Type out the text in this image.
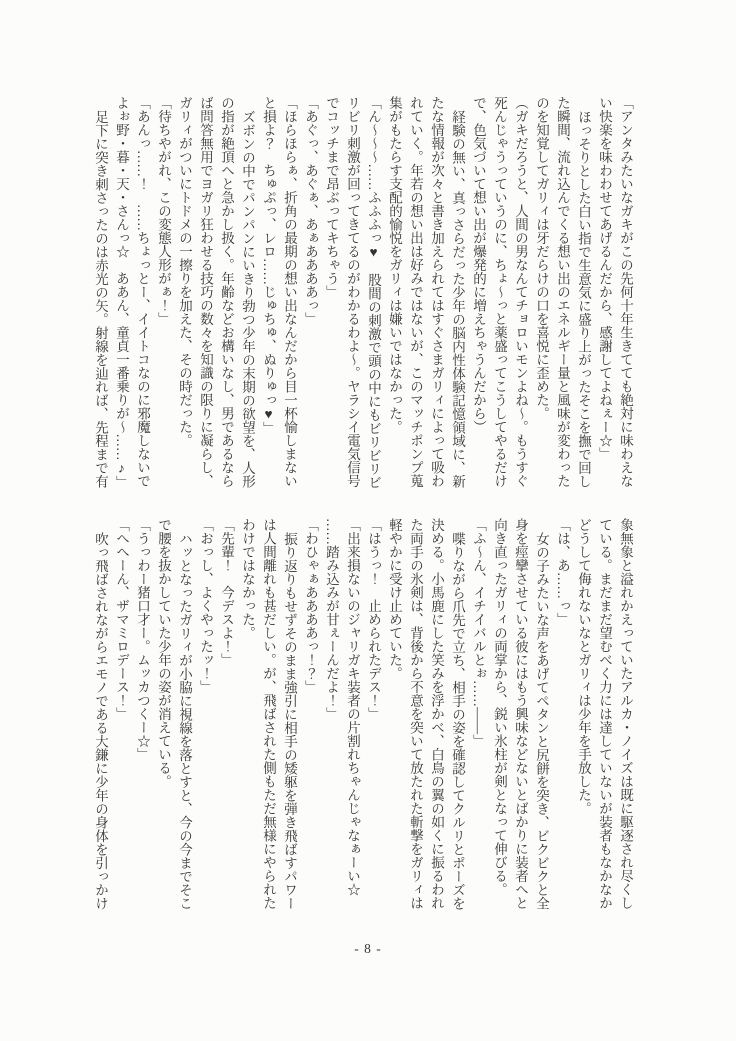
「アンタみたいなガキがこの先何十年生きてても絶対に味わえない快楽を味わわせてあげるんだから、感謝してよねぇー☆」

ほっそりとした白い指で生意気に盛り上がったそこを撫で回した瞬間、流れ込んでくる想い出のエネルギー量と風味が変わったのを知覚してガリィは牙だらけの口を喜悦に歪めた。

（ガキだろうと、人間の男なんてチョロいモンよね～。もうすぐ死んじゃうっていうのに、ちょ～っと薬盛ってこうしてやるだけで、色気づいて想い出が爆発的に増えちゃうんだから）

経験の無い、真っさらだった少年の脳内性体験記憶領域に、新たな情報が次々と書き加えられてはすぐさまガリィによって吸われていく。年若の想い出は好みではないが、このマッチポンプ蒐集がもたらす支配的愉悦をガリィは嫌いではなかった。

「ん～～～……ふふふっ♥　股間の刺激で頭の中にもビリビリビリビリ刺激が回ってきてるのがわかるわよ～。ヤラシイ電気信号でコッチまで昂ぶってキちゃう」

「あぐっ、あぐぁ、あぁああああっ」

「ほらほらぁ、折角の最期の想い出なんだから目一杯愉しまないと損よ？　ちゅぷっ、レロ……じゅちゅ、ぬりゅっ♥」

ズボンの中でパンパンにいきり勃つ少年の末期の欲望を、人形の指が絶頂へと急かし扱く。年齢などお構いなし、男であるならば問答無用でヨガリ狂わせる技巧の数々を知識の限りに凝らし、ガリィがついにトドメの一擦りを加えた、その時だった。

「待ちやがれ、この変態人形がぁ！」

「あんっ……！　……ちょっとー、イイトコなのに邪魔しないでよぉ野・暮・天・さんっ☆　ああん、童貞一番乗りが～……♪」

足下に突き刺さったのは赤光の矢。射線を辿れば、先程まで有

象無象と溢れかえっていたアルカ・ノイズは既に駆逐され尽くしている。まだまだ望むべく力には達していないが装者もなかなかどうして侮れないなとガリィは少年を手放した。

「は、あ……っ」

女の子みたいな声をあげてペタンと尻餅を突き、ビクビクと全身を痙攣させている彼にはもう興味などないとばかりに装者へと向き直ったガリィの両掌から、鋭い氷柱が剣となって伸びる。

「ふ～ん、イチイバルとぉ……――」

喋りながら爪先で立ち、相手の姿を確認してクルリとポーズを決める。小馬鹿にした笑みを浮かべ、白鳥の翼の如くに振るわれた両手の氷剣は、背後から不意を突いて放たれた斬撃をガリィは軽やかに受け止めていた。

「はうっ！　止められたデス！」

「出来損ないのジャリガキ装者の片割れちゃんじゃなぁーい☆　……踏み込みが甘ぇーんだよ！」

「わひゃぁああああっ！？」

振り返りもせずそのまま強引に相手の矮躯を弾き飛ばすパワーは人間離れも甚だしい。が、飛ばされた側もただ無様にやられたわけではなかった。

「先輩！　今デスよ！」

「おっし、よくやったッ！」

ハッとなったガリィが小脇に視線を落とすと、今の今までそこで腰を抜かしていた少年の姿が消えている。

「うっわー猪口才ー。ムッカつくー☆」

「へへーん、ザマミロデース！」

吹っ飛ばされながらエモノである大鎌に少年の身体を引っかけ

- 8 -
